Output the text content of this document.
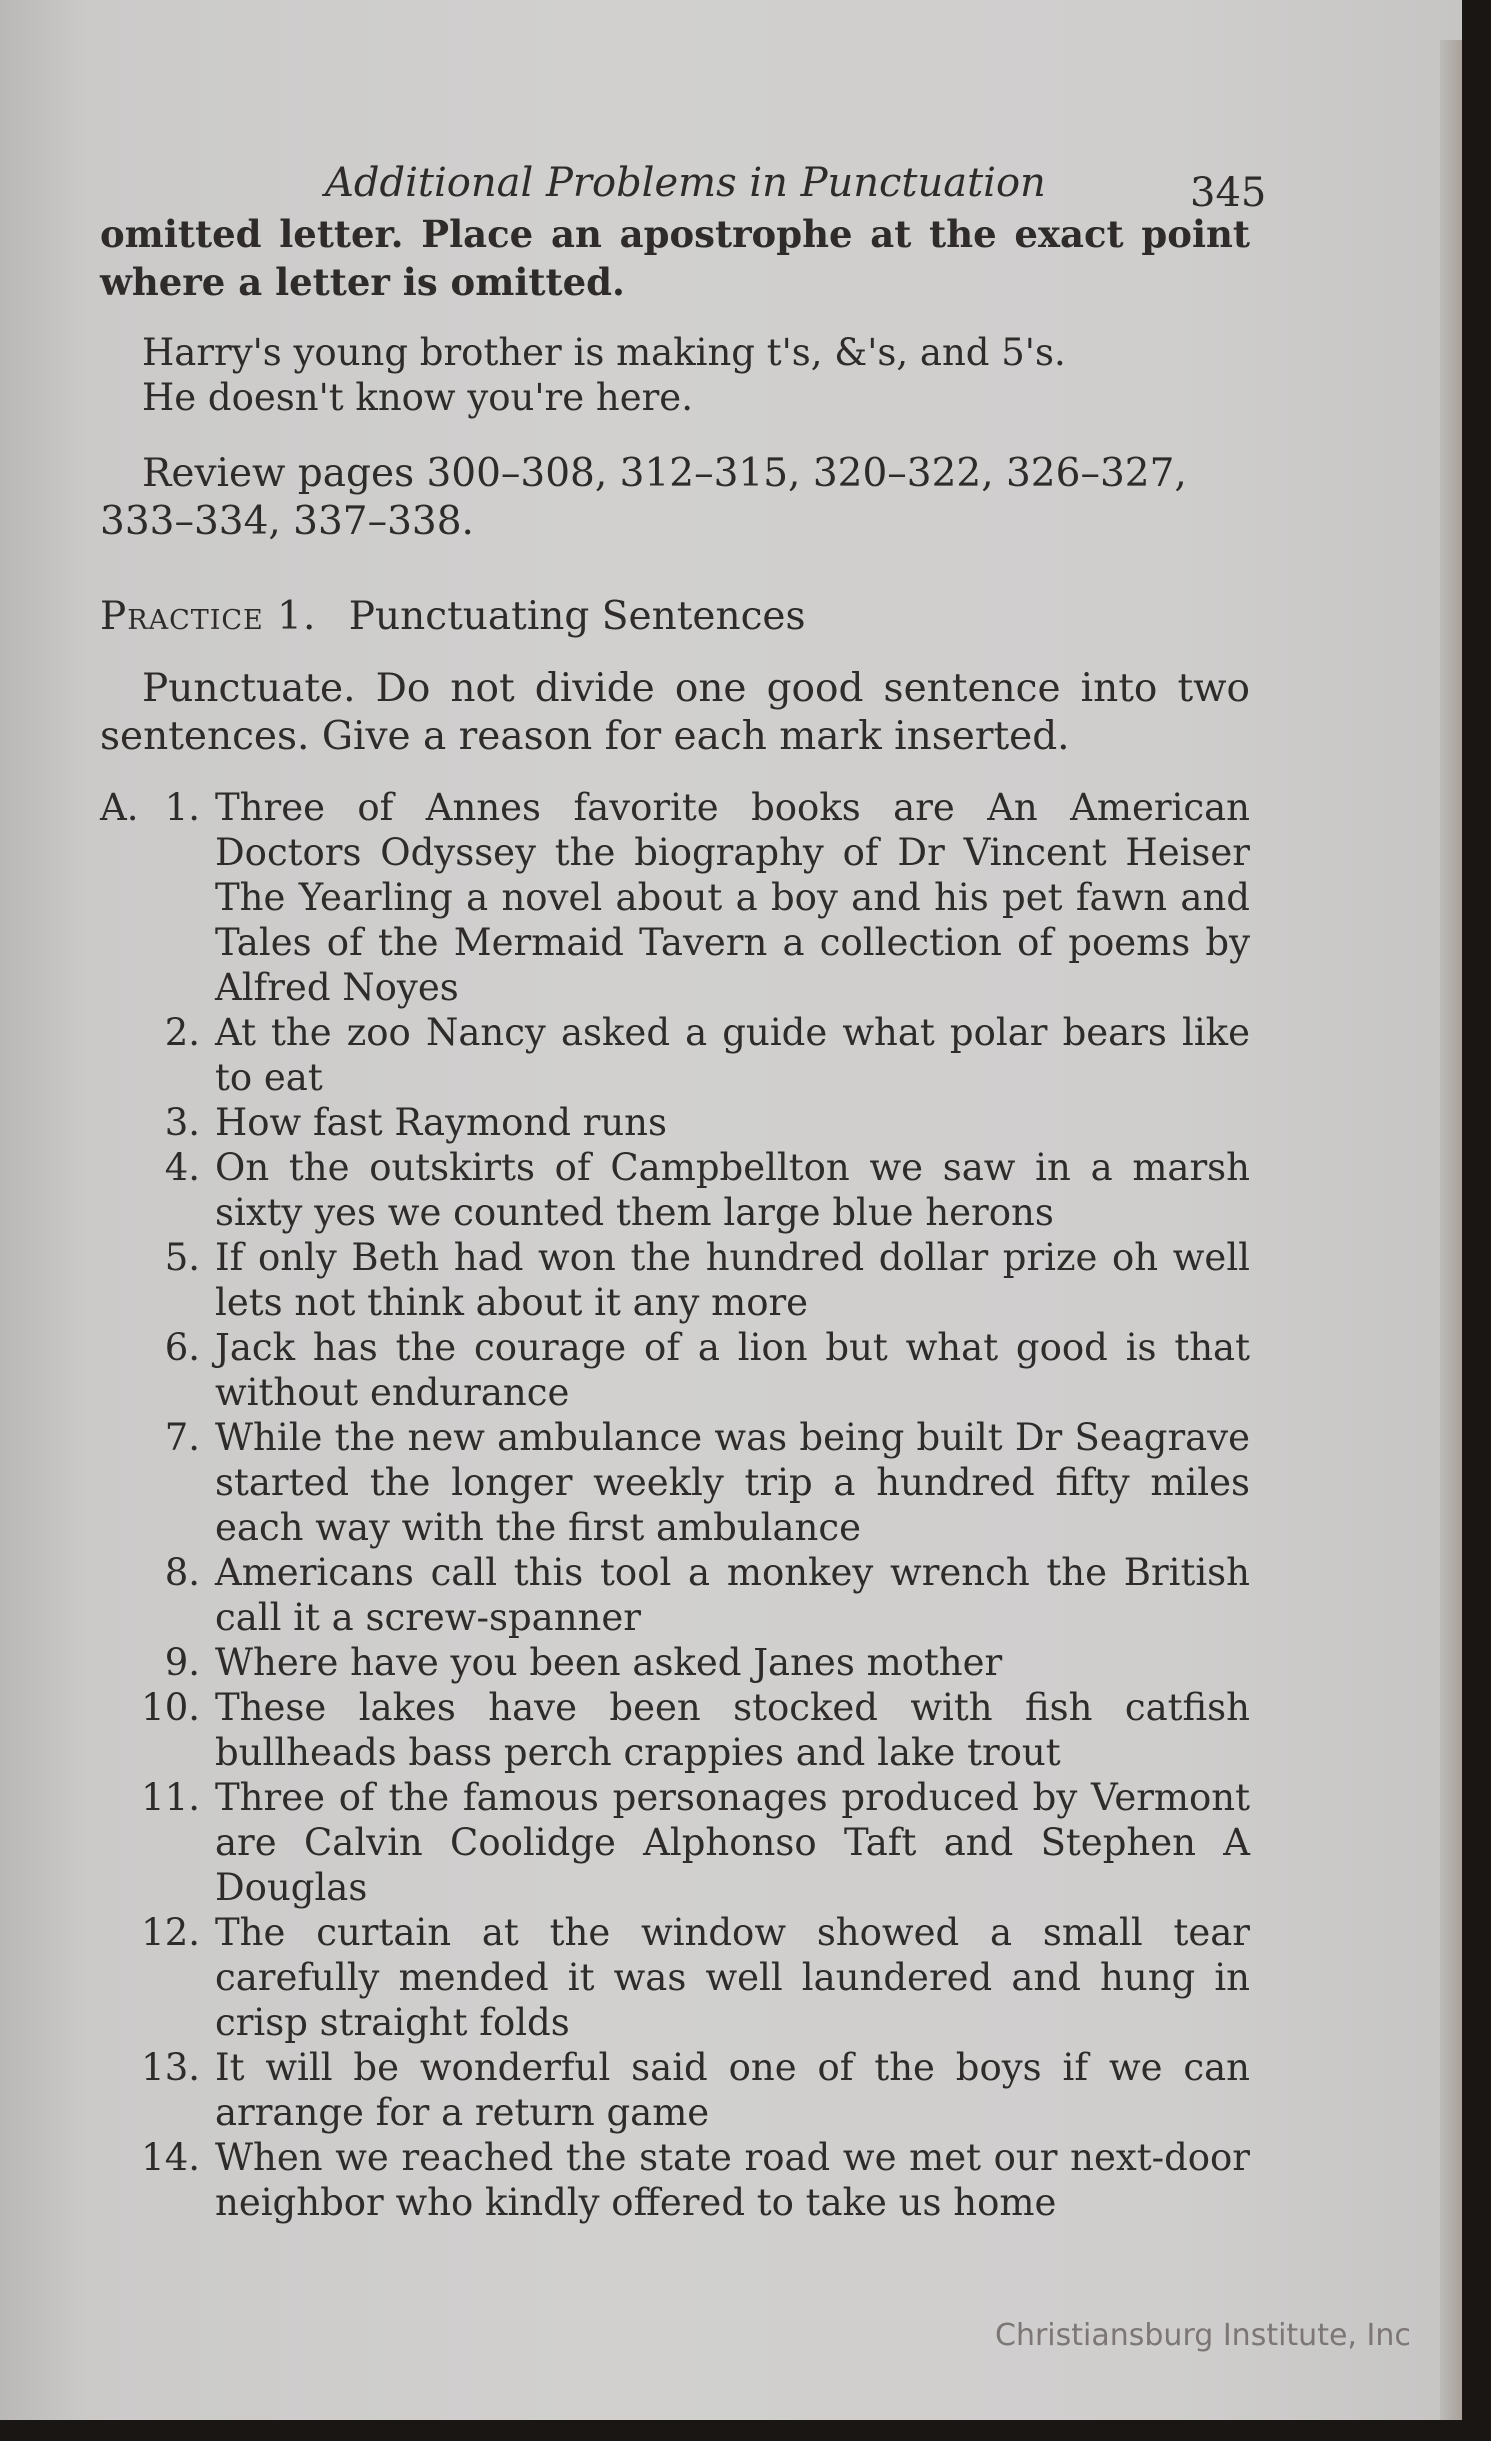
Additional Problems in Punctuation	345

omitted letter. Place an apostrophe at the exact point where a letter is omitted.

Harry's young brother is making t's, &'s, and 5's.
He doesn't know you're here.

Review pages 300–308, 312–315, 320–322, 326–327, 333–334, 337–338.

Practice 1. Punctuating Sentences

Punctuate. Do not divide one good sentence into two sentences. Give a reason for each mark inserted.

A. 1. Three of Annes favorite books are An American Doctors Odyssey the biography of Dr Vincent Heiser The Yearling a novel about a boy and his pet fawn and Tales of the Mermaid Tavern a collection of poems by Alfred Noyes
2. At the zoo Nancy asked a guide what polar bears like to eat
3. How fast Raymond runs
4. On the outskirts of Campbellton we saw in a marsh sixty yes we counted them large blue herons
5. If only Beth had won the hundred dollar prize oh well lets not think about it any more
6. Jack has the courage of a lion but what good is that without endurance
7. While the new ambulance was being built Dr Seagrave started the longer weekly trip a hundred fifty miles each way with the first ambulance
8. Americans call this tool a monkey wrench the British call it a screw-spanner
9. Where have you been asked Janes mother
10. These lakes have been stocked with fish catfish bullheads bass perch crappies and lake trout
11. Three of the famous personages produced by Vermont are Calvin Coolidge Alphonso Taft and Stephen A Douglas
12. The curtain at the window showed a small tear carefully mended it was well laundered and hung in crisp straight folds
13. It will be wonderful said one of the boys if we can arrange for a return game
14. When we reached the state road we met our next-door neighbor who kindly offered to take us home
Christiansburg Institute, Inc
